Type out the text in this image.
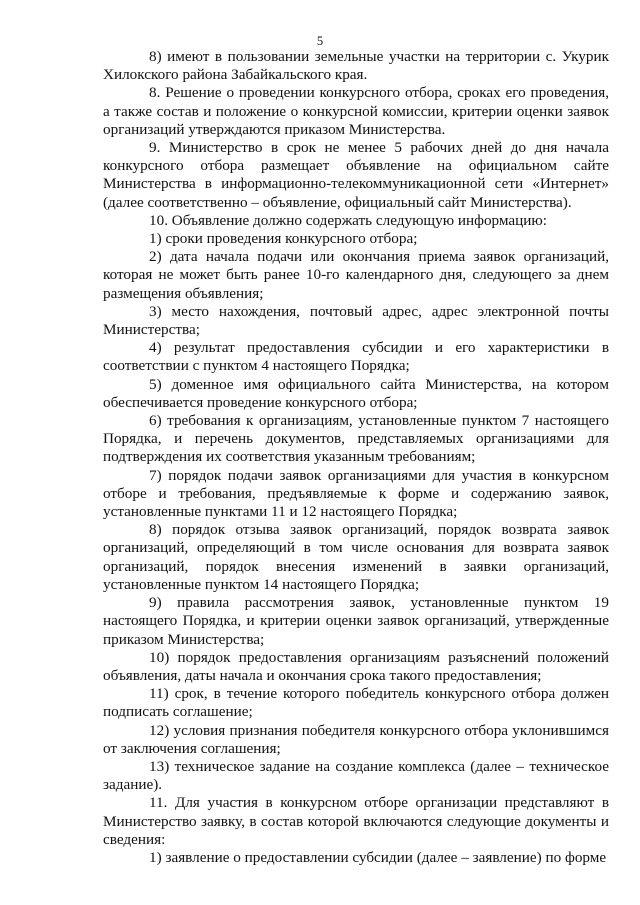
5

8) имеют в пользовании земельные участки на территории с. Укурик Хилокского района Забайкальского края.

8. Решение о проведении конкурсного отбора, сроках его проведения, а также состав и положение о конкурсной комиссии, критерии оценки заявок организаций утверждаются приказом Министерства.

9. Министерство в срок не менее 5 рабочих дней до дня начала конкурсного отбора размещает объявление на официальном сайте Министерства в информационно-телекоммуникационной сети «Интернет» (далее соответственно – объявление, официальный сайт Министерства).

10. Объявление должно содержать следующую информацию:

1) сроки проведения конкурсного отбора;

2) дата начала подачи или окончания приема заявок организаций, которая не может быть ранее 10-го календарного дня, следующего за днем размещения объявления;

3) место нахождения, почтовый адрес, адрес электронной почты Министерства;

4) результат предоставления субсидии и его характеристики в соответствии с пунктом 4 настоящего Порядка;

5) доменное имя официального сайта Министерства, на котором обеспечивается проведение конкурсного отбора;

6) требования к организациям, установленные пунктом 7 настоящего Порядка, и перечень документов, представляемых организациями для подтверждения их соответствия указанным требованиям;

7) порядок подачи заявок организациями для участия в конкурсном отборе и требования, предъявляемые к форме и содержанию заявок, установленные пунктами 11 и 12 настоящего Порядка;

8) порядок отзыва заявок организаций, порядок возврата заявок организаций, определяющий в том числе основания для возврата заявок организаций, порядок внесения изменений в заявки организаций, установленные пунктом 14 настоящего Порядка;

9) правила рассмотрения заявок, установленные пунктом 19 настоящего Порядка, и критерии оценки заявок организаций, утвержденные приказом Министерства;

10) порядок предоставления организациям разъяснений положений объявления, даты начала и окончания срока такого предоставления;

11) срок, в течение которого победитель конкурсного отбора должен подписать соглашение;

12) условия признания победителя конкурсного отбора уклонившимся от заключения соглашения;

13) техническое задание на создание комплекса (далее – техническое задание).

11. Для участия в конкурсном отборе организации представляют в Министерство заявку, в состав которой включаются следующие документы и сведения:

1) заявление о предоставлении субсидии (далее – заявление) по форме
